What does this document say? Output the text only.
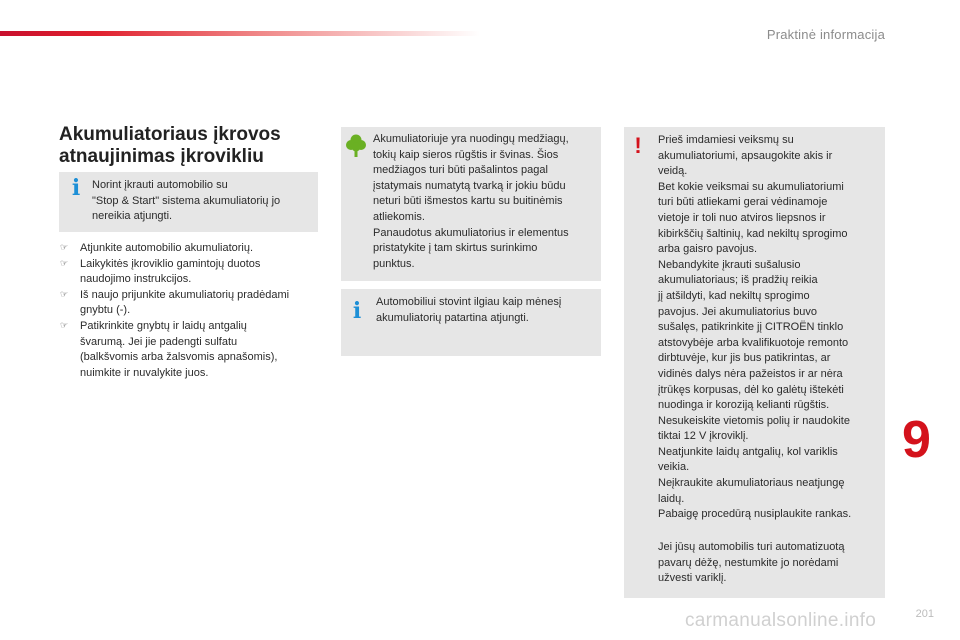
Praktinė informacija
Akumuliatoriaus įkrovos
atnaujinimas įkrovikliu
i Norint įkrauti automobilio su
"Stop & Start" sistema akumuliatorių jo
nereikia atjungti.
☞ Atjunkite automobilio akumuliatorių.
☞ Laikykitės įkroviklio gamintojų duotos
naudojimo instrukcijos.
☞ Iš naujo prijunkite akumuliatorių pradėdami
gnybtu (-).
☞ Patikrinkite gnybtų ir laidų antgalių
švarumą. Jei jie padengti sulfatu
(balkšvomis arba žalsvomis apnašomis),
nuimkite ir nuvalykite juos.
Akumuliatoriuje yra nuodingų medžiagų,
tokių kaip sieros rūgštis ir švinas. Šios
medžiagos turi būti pašalintos pagal
įstatymais numatytą tvarką ir jokiu būdu
neturi būti išmestos kartu su buitinėmis
atliekomis.
Panaudotus akumuliatorius ir elementus
pristatykite į tam skirtus surinkimo
punktus.
i Automobiliui stovint ilgiau kaip mėnesį
akumuliatorių patartina atjungti.
! Prieš imdamiesi veiksmų su
akumuliatoriumi, apsaugokite akis ir
veidą.
Bet kokie veiksmai su akumuliatoriumi
turi būti atliekami gerai vėdinamoje
vietoje ir toli nuo atviros liepsnos ir
kibirkščių šaltinių, kad nekiltų sprogimo
arba gaisro pavojus.
Nebandykite įkrauti sušalusio
akumuliatoriaus; iš pradžių reikia
jį atšildyti, kad nekiltų sprogimo
pavojus. Jei akumuliatorius buvo
sušalęs, patikrinkite jį CITROËN tinklo
atstovybėje arba kvalifikuotoje remonto
dirbtuvėje, kur jis bus patikrintas, ar
vidinės dalys nėra pažeistos ir ar nėra
įtrūkęs korpusas, dėl ko galėtų ištekėti
nuodinga ir koroziją kelianti rūgštis.
Nesukeiskite vietomis polių ir naudokite
tiktai 12 V įkroviklį.
Neatjunkite laidų antgalių, kol variklis
veikia.
Neįkraukite akumuliatoriaus neatjungę
laidų.
Pabaigę procedūrą nusiplaukite rankas.
Jei jūsų automobilis turi automatizuotą
pavarų dėžę, nestumkite jo norėdami
užvesti variklį.
9
carmanualsonline.info	201
